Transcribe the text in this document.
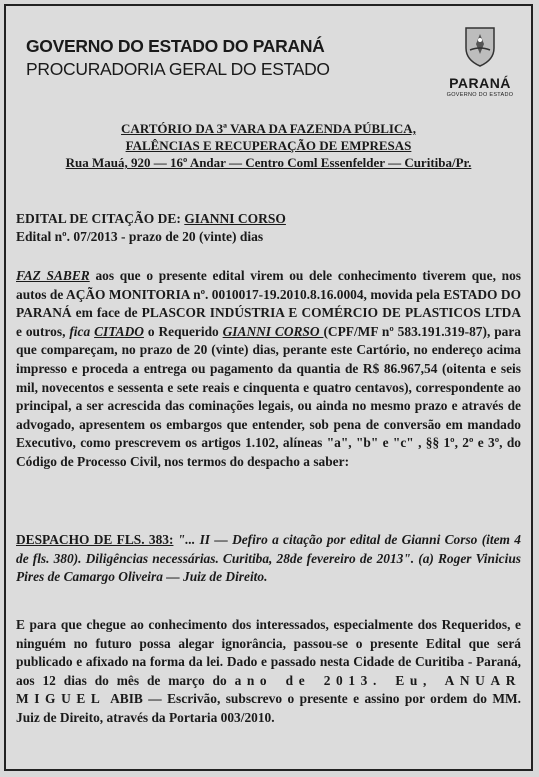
GOVERNO DO ESTADO DO PARANÁ
PROCURADORIA GERAL DO ESTADO
PARANÁ
GOVERNO DO ESTADO
CARTÓRIO DA 3ª VARA DA FAZENDA PÚBLICA,
FALÊNCIAS E RECUPERAÇÃO DE EMPRESAS
Rua Mauá, 920 — 16º Andar — Centro Coml Essenfelder — Curitiba/Pr.
EDITAL DE CITAÇÃO DE: GIANNI CORSO
Edital nº. 07/2013 - prazo de 20 (vinte) dias
FAZ SABER aos que o presente edital virem ou dele conhecimento tiverem que, nos autos de AÇÃO MONITORIA nº. 0010017-19.2010.8.16.0004, movida pela ESTADO DO PARANÁ em face de PLASCOR INDÚSTRIA E COMÉRCIO DE PLASTICOS LTDA e outros, fica CITADO o Requerido GIANNI CORSO (CPF/MF nº 583.191.319-87), para que compareçam, no prazo de 20 (vinte) dias, perante este Cartório, no endereço acima impresso e proceda a entrega ou pagamento da quantia de R$ 86.967,54 (oitenta e seis mil, novecentos e sessenta e sete reais e cinquenta e quatro centavos), correspondente ao principal, a ser acrescida das cominações legais, ou ainda no mesmo prazo e através de advogado, apresentem os embargos que entender, sob pena de conversão em mandado Executivo, como prescrevem os artigos 1.102, alíneas "a", "b" e "c" , §§ 1º, 2º e 3º, do Código de Processo Civil, nos termos do despacho a saber:
DESPACHO DE FLS. 383: "... II — Defiro a citação por edital de Gianni Corso (item 4 de fls. 380). Diligências necessárias. Curitiba, 28de fevereiro de 2013". (a) Roger Vinicius Pires de Camargo Oliveira — Juiz de Direito.
E para que chegue ao conhecimento dos interessados, especialmente dos Requeridos, e ninguém no futuro possa alegar ignorância, passou-se o presente Edital que será publicado e afixado na forma da lei. Dado e passado nesta Cidade de Curitiba - Paraná, aos 12 dias do mês de março do ano de 2013. Eu, ANUAR MIGUEL ABIB — Escrivão, subscrevo o presente e assino por ordem do MM. Juiz de Direito, através da Portaria 003/2010.
